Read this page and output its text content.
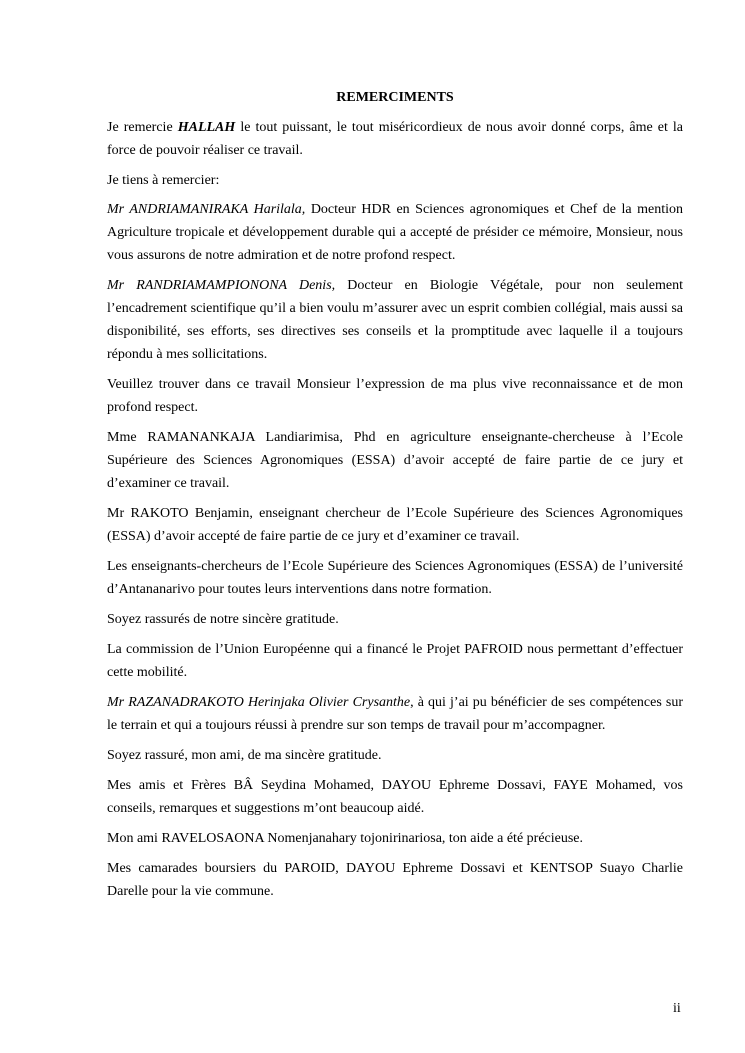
REMERCIMENTS

Je remercie HALLAH le tout puissant, le tout miséricordieux de nous avoir donné corps, âme et la force de pouvoir réaliser ce travail.

Je tiens à remercier:

Mr ANDRIAMANIRAKA Harilala, Docteur HDR en Sciences agronomiques et Chef de la mention Agriculture tropicale et développement durable qui a accepté de présider ce mémoire, Monsieur, nous vous assurons de notre admiration et de notre profond respect.

Mr RANDRIAMAMPIONONA Denis, Docteur en Biologie Végétale, pour non seulement l’encadrement scientifique qu’il a bien voulu m’assurer avec un esprit combien collégial, mais aussi sa disponibilité, ses efforts, ses directives ses conseils et la promptitude avec laquelle il a toujours répondu à mes sollicitations.

Veuillez trouver dans ce travail Monsieur l’expression de ma plus vive reconnaissance et de mon profond respect.

Mme RAMANANKAJA Landiarimisa, Phd en agriculture enseignante-chercheuse à l’Ecole Supérieure des Sciences Agronomiques (ESSA) d’avoir accepté de faire partie de ce jury et d’examiner ce travail.

Mr RAKOTO Benjamin, enseignant chercheur de l’Ecole Supérieure des Sciences Agronomiques (ESSA) d’avoir accepté de faire partie de ce jury et d’examiner ce travail.

Les enseignants-chercheurs de l’Ecole Supérieure des Sciences Agronomiques (ESSA) de l’université d’Antananarivo pour toutes leurs interventions dans notre formation.

Soyez rassurés de notre sincère gratitude.

La commission de l’Union Européenne qui a financé le Projet PAFROID nous permettant d’effectuer cette mobilité.

Mr RAZANADRAKOTO Herinjaka Olivier Crysanthe, à qui j’ai pu bénéficier de ses compétences sur le terrain et qui a toujours réussi à prendre sur son temps de travail pour m’accompagner.

Soyez rassuré, mon ami, de ma sincère gratitude.

Mes amis et Frères BÂ Seydina Mohamed, DAYOU Ephreme Dossavi, FAYE Mohamed, vos conseils, remarques et suggestions m’ont beaucoup aidé.

Mon ami RAVELOSAONA Nomenjanahary tojonirinariosa, ton aide a été précieuse.

Mes camarades boursiers du PAROID, DAYOU Ephreme Dossavi et KENTSOP Suayo Charlie Darelle pour la vie commune.

ii
